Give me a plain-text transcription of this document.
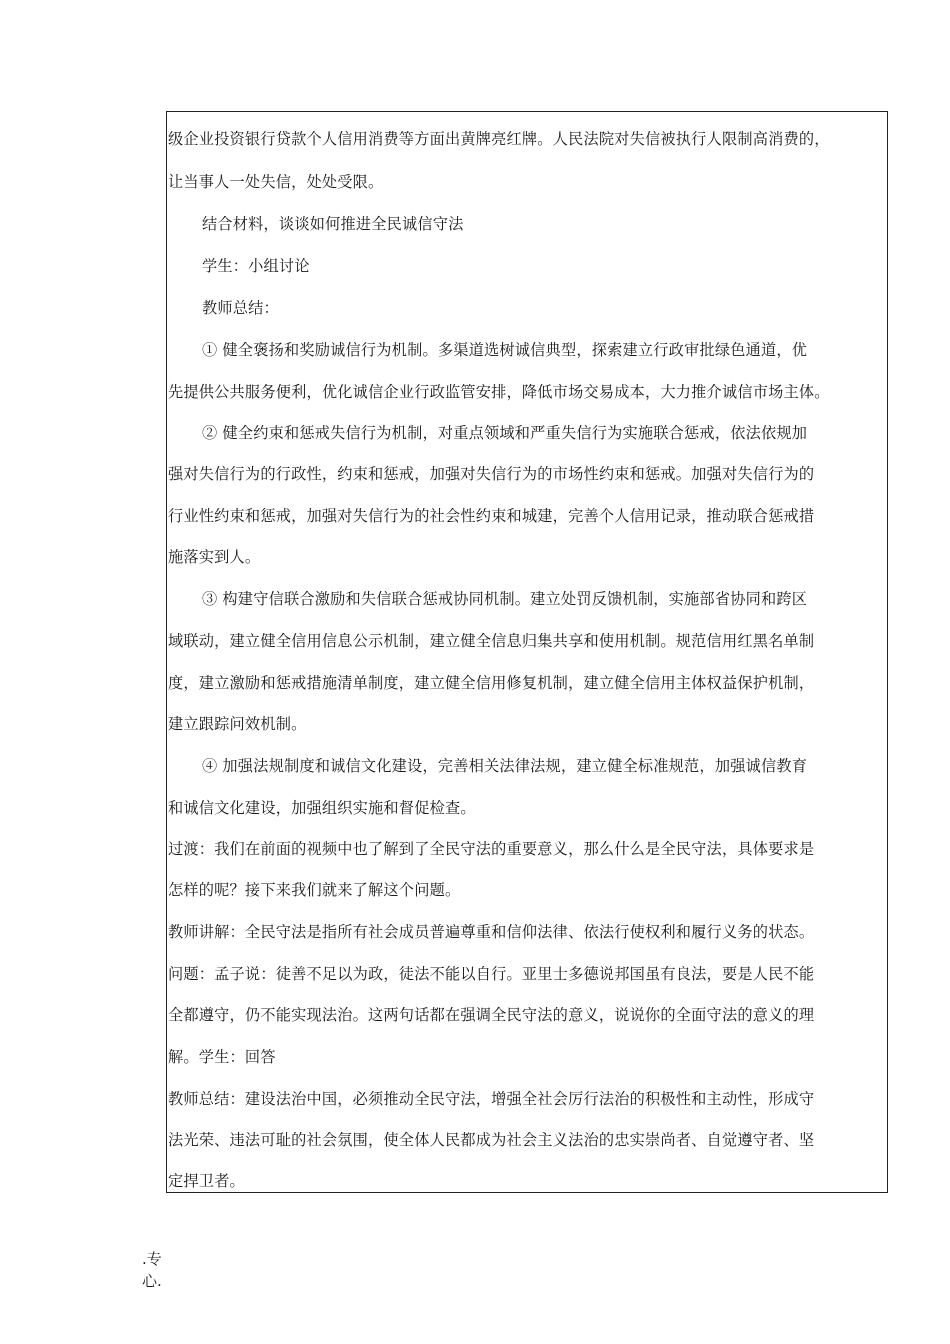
级企业投资银行贷款个人信用消费等方面出黄牌亮红牌。人民法院对失信被执行人限制高消费的，
让当事人一处失信，处处受限。
结合材料，谈谈如何推进全民诚信守法
学生：小组讨论
教师总结：
① 健全褒扬和奖励诚信行为机制。多渠道选树诚信典型，探索建立行政审批绿色通道，优
先提供公共服务便利，优化诚信企业行政监管安排，降低市场交易成本，大力推介诚信市场主体。
② 健全约束和惩戒失信行为机制，对重点领域和严重失信行为实施联合惩戒，依法依规加
强对失信行为的行政性，约束和惩戒，加强对失信行为的市场性约束和惩戒。加强对失信行为的
行业性约束和惩戒，加强对失信行为的社会性约束和城建，完善个人信用记录，推动联合惩戒措
施落实到人。
③ 构建守信联合激励和失信联合惩戒协同机制。建立处罚反馈机制，实施部省协同和跨区
域联动，建立健全信用信息公示机制，建立健全信息归集共享和使用机制。规范信用红黑名单制
度，建立激励和惩戒措施清单制度，建立健全信用修复机制，建立健全信用主体权益保护机制，
建立跟踪问效机制。
④ 加强法规制度和诚信文化建设，完善相关法律法规，建立健全标准规范，加强诚信教育
和诚信文化建设，加强组织实施和督促检查。
过渡：我们在前面的视频中也了解到了全民守法的重要意义，那么什么是全民守法，具体要求是
怎样的呢？接下来我们就来了解这个问题。
教师讲解：全民守法是指所有社会成员普遍尊重和信仰法律、依法行使权利和履行义务的状态。
问题：孟子说：徒善不足以为政，徒法不能以自行。亚里士多德说邦国虽有良法，要是人民不能
全都遵守，仍不能实现法治。这两句话都在强调全民守法的意义，说说你的全面守法的意义的理
解。学生：回答
教师总结：建设法治中国，必须推动全民守法，增强全社会厉行法治的积极性和主动性，形成守
法光荣、违法可耻的社会氛围，使全体人民都成为社会主义法治的忠实崇尚者、自觉遵守者、坚
定捍卫者。
.专
心.
